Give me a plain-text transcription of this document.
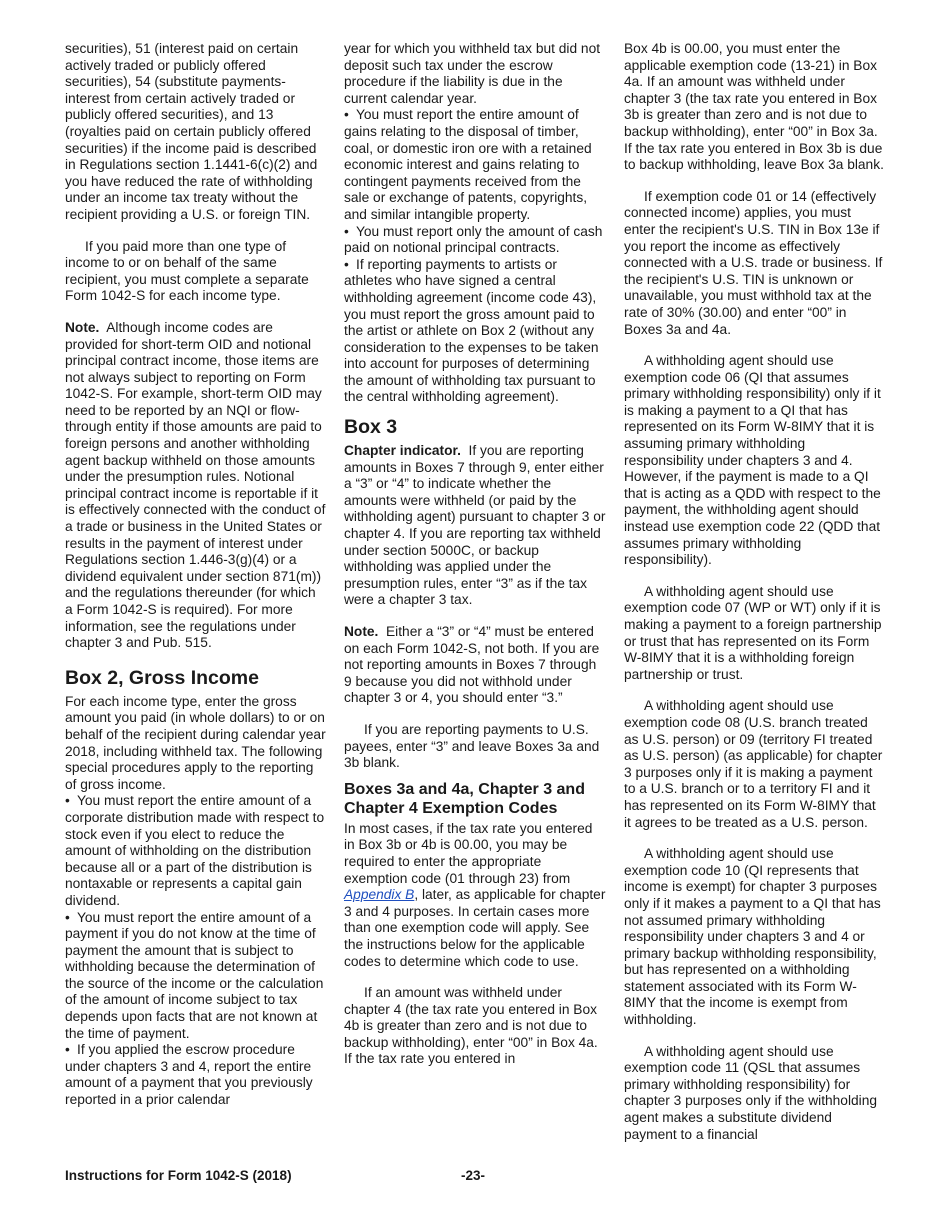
securities), 51 (interest paid on certain actively traded or publicly offered securities), 54 (substitute payments-interest from certain actively traded or publicly offered securities), and 13 (royalties paid on certain publicly offered securities) if the income paid is described in Regulations section 1.1441-6(c)(2) and you have reduced the rate of withholding under an income tax treaty without the recipient providing a U.S. or foreign TIN.

If you paid more than one type of income to or on behalf of the same recipient, you must complete a separate Form 1042-S for each income type.

Note. Although income codes are provided for short-term OID and notional principal contract income, those items are not always subject to reporting on Form 1042-S. For example, short-term OID may need to be reported by an NQI or flow-through entity if those amounts are paid to foreign persons and another withholding agent backup withheld on those amounts under the presumption rules. Notional principal contract income is reportable if it is effectively connected with the conduct of a trade or business in the United States or results in the payment of interest under Regulations section 1.446-3(g)(4) or a dividend equivalent under section 871(m)) and the regulations thereunder (for which a Form 1042-S is required). For more information, see the regulations under chapter 3 and Pub. 515.

Box 2, Gross Income

For each income type, enter the gross amount you paid (in whole dollars) to or on behalf of the recipient during calendar year 2018, including withheld tax. The following special procedures apply to the reporting of gross income.

• You must report the entire amount of a corporate distribution made with respect to stock even if you elect to reduce the amount of withholding on the distribution because all or a part of the distribution is nontaxable or represents a capital gain dividend.

• You must report the entire amount of a payment if you do not know at the time of payment the amount that is subject to withholding because the determination of the source of the income or the calculation of the amount of income subject to tax depends upon facts that are not known at the time of payment.

• If you applied the escrow procedure under chapters 3 and 4, report the entire amount of a payment that you previously reported in a prior calendar

year for which you withheld tax but did not deposit such tax under the escrow procedure if the liability is due in the current calendar year.

• You must report the entire amount of gains relating to the disposal of timber, coal, or domestic iron ore with a retained economic interest and gains relating to contingent payments received from the sale or exchange of patents, copyrights, and similar intangible property.

• You must report only the amount of cash paid on notional principal contracts.

• If reporting payments to artists or athletes who have signed a central withholding agreement (income code 43), you must report the gross amount paid to the artist or athlete on Box 2 (without any consideration to the expenses to be taken into account for purposes of determining the amount of withholding tax pursuant to the central withholding agreement).

Box 3

Chapter indicator. If you are reporting amounts in Boxes 7 through 9, enter either a “3” or “4” to indicate whether the amounts were withheld (or paid by the withholding agent) pursuant to chapter 3 or chapter 4. If you are reporting tax withheld under section 5000C, or backup withholding was applied under the presumption rules, enter “3” as if the tax were a chapter 3 tax.

Note. Either a “3” or “4” must be entered on each Form 1042-S, not both. If you are not reporting amounts in Boxes 7 through 9 because you did not withhold under chapter 3 or 4, you should enter “3.”

If you are reporting payments to U.S. payees, enter “3” and leave Boxes 3a and 3b blank.

Boxes 3a and 4a, Chapter 3 and Chapter 4 Exemption Codes

In most cases, if the tax rate you entered in Box 3b or 4b is 00.00, you may be required to enter the appropriate exemption code (01 through 23) from Appendix B, later, as applicable for chapter 3 and 4 purposes. In certain cases more than one exemption code will apply. See the instructions below for the applicable codes to determine which code to use.

If an amount was withheld under chapter 4 (the tax rate you entered in Box 4b is greater than zero and is not due to backup withholding), enter “00” in Box 4a. If the tax rate you entered in

Box 4b is 00.00, you must enter the applicable exemption code (13-21) in Box 4a. If an amount was withheld under chapter 3 (the tax rate you entered in Box 3b is greater than zero and is not due to backup withholding), enter “00” in Box 3a. If the tax rate you entered in Box 3b is due to backup withholding, leave Box 3a blank.

If exemption code 01 or 14 (effectively connected income) applies, you must enter the recipient's U.S. TIN in Box 13e if you report the income as effectively connected with a U.S. trade or business. If the recipient's U.S. TIN is unknown or unavailable, you must withhold tax at the rate of 30% (30.00) and enter “00” in Boxes 3a and 4a.

A withholding agent should use exemption code 06 (QI that assumes primary withholding responsibility) only if it is making a payment to a QI that has represented on its Form W-8IMY that it is assuming primary withholding responsibility under chapters 3 and 4. However, if the payment is made to a QI that is acting as a QDD with respect to the payment, the withholding agent should instead use exemption code 22 (QDD that assumes primary withholding responsibility).

A withholding agent should use exemption code 07 (WP or WT) only if it is making a payment to a foreign partnership or trust that has represented on its Form W-8IMY that it is a withholding foreign partnership or trust.

A withholding agent should use exemption code 08 (U.S. branch treated as U.S. person) or 09 (territory FI treated as U.S. person) (as applicable) for chapter 3 purposes only if it is making a payment to a U.S. branch or to a territory FI and it has represented on its Form W-8IMY that it agrees to be treated as a U.S. person.

A withholding agent should use exemption code 10 (QI represents that income is exempt) for chapter 3 purposes only if it makes a payment to a QI that has not assumed primary withholding responsibility under chapters 3 and 4 or primary backup withholding responsibility, but has represented on a withholding statement associated with its Form W-8IMY that the income is exempt from withholding.

A withholding agent should use exemption code 11 (QSL that assumes primary withholding responsibility) for chapter 3 purposes only if the withholding agent makes a substitute dividend payment to a financial

Instructions for Form 1042-S (2018)	-23-
